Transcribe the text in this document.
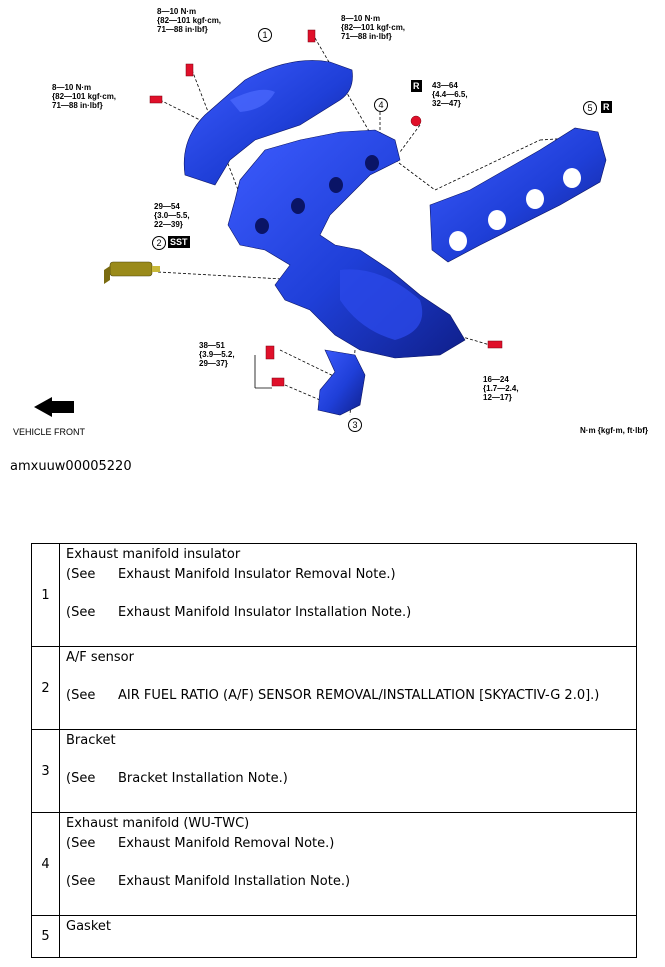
8—10 N·m
{82—101 kgf·cm,
71—88 in·lbf}
8—10 N·m
{82—101 kgf·cm,
71—88 in·lbf}
8—10 N·m
{82—101 kgf·cm,
71—88 in·lbf}
43—64
{4.4—6.5,
32—47}
29—54
{3.0—5.5,
22—39}
38—51
{3.9—5.2,
29—37}
16—24
{1.7—2.4,
12—17}
R
R
SST
1
2
3
4	5
VEHICLE FRONT	N·m {kgf·m, ft·lbf}
amxuuw00005220
1	Exhaust manifold insulator
(See Exhaust Manifold Insulator Removal Note.)
(See Exhaust Manifold Insulator Installation Note.)

2	A/F sensor
(See AIR FUEL RATIO (A/F) SENSOR REMOVAL/INSTALLATION [SKYACTIV-G 2.0].)

3	Bracket
(See Bracket Installation Note.)

4	Exhaust manifold (WU-TWC)
(See Exhaust Manifold Removal Note.)
(See Exhaust Manifold Installation Note.)

5	Gasket
